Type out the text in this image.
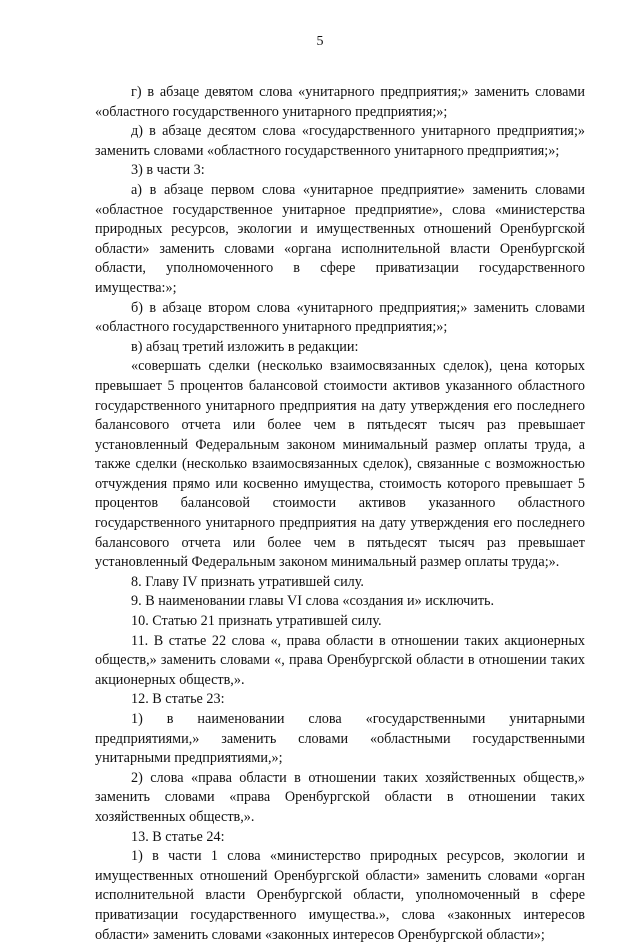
5

г) в абзаце девятом слова «унитарного предприятия;» заменить словами «областного государственного унитарного предприятия;»;

д) в абзаце десятом слова «государственного унитарного предприятия;» заменить словами «областного государственного унитарного предприятия;»;

3) в части 3:

а) в абзаце первом слова «унитарное предприятие» заменить словами «областное государственное унитарное предприятие», слова «министерства природных ресурсов, экологии и имущественных отношений Оренбургской области» заменить словами «органа исполнительной власти Оренбургской области, уполномоченного в сфере приватизации государственного имущества:»;

б) в абзаце втором слова «унитарного предприятия;» заменить словами «областного государственного унитарного предприятия;»;

в) абзац третий изложить в редакции:

«совершать сделки (несколько взаимосвязанных сделок), цена которых превышает 5 процентов балансовой стоимости активов указанного областного государственного унитарного предприятия на дату утверждения его последнего балансового отчета или более чем в пятьдесят тысяч раз превышает установленный Федеральным законом минимальный размер оплаты труда, а также сделки (несколько взаимосвязанных сделок), связанные с возможностью отчуждения прямо или косвенно имущества, стоимость которого превышает 5 процентов балансовой стоимости активов указанного областного государственного унитарного предприятия на дату утверждения его последнего балансового отчета или более чем в пятьдесят тысяч раз превышает установленный Федеральным законом минимальный размер оплаты труда;».

8. Главу IV признать утратившей силу.

9. В наименовании главы VI слова «создания и» исключить.

10. Статью 21 признать утратившей силу.

11. В статье 22 слова «, права области в отношении таких акционерных обществ,» заменить словами «, права Оренбургской области в отношении таких акционерных обществ,».

12. В статье 23:

1) в наименовании слова «государственными унитарными предприятиями,» заменить словами «областными государственными унитарными предприятиями,»;

2) слова «права области в отношении таких хозяйственных обществ,» заменить словами «права Оренбургской области в отношении таких хозяйственных обществ,».

13. В статье 24:

1) в части 1 слова «министерство природных ресурсов, экологии и имущественных отношений Оренбургской области» заменить словами «орган исполнительной власти Оренбургской области, уполномоченный в сфере приватизации государственного имущества.», слова «законных интересов области» заменить словами «законных интересов Оренбургской области»;
